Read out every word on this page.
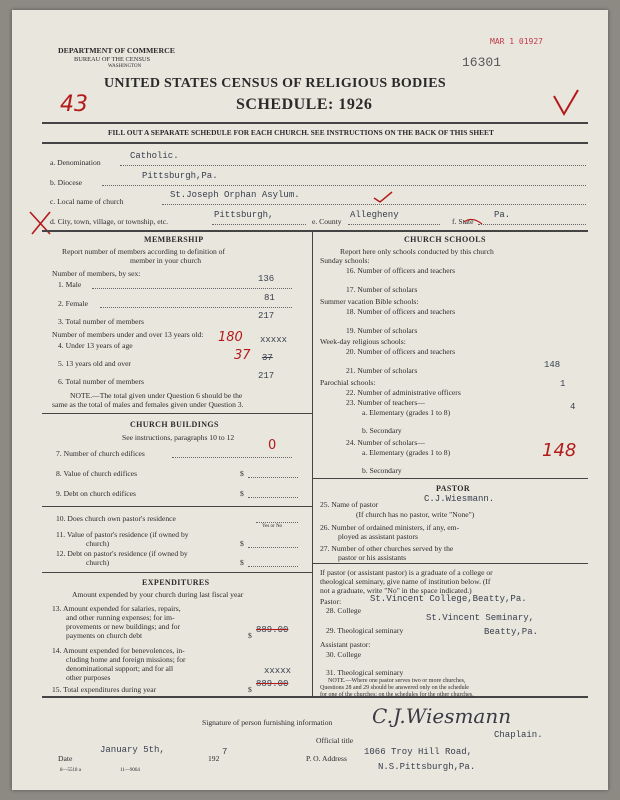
DEPARTMENT OF COMMERCE
BUREAU OF THE CENSUS
WASHINGTON	16301
MAR 1 01927
UNITED STATES CENSUS OF RELIGIOUS BODIES
SCHEDULE: 1926
43
FILL OUT A SEPARATE SCHEDULE FOR EACH CHURCH. SEE INSTRUCTIONS ON THE BACK OF THIS SHEET
a. Denomination
Catholic.
b. Diocese
Pittsburgh,Pa.
c. Local name of church
St.Joseph Orphan Asylum.
d. City, town, village, or township, etc.
Pittsburgh,
e. County
Allegheny
f. State
Pa.
MEMBERSHIP
Report number of members according to definition of
member in your church
Number of members, by sex:
1. Male
136
2. Female
81
3. Total number of members
217
Number of members under and over 13 years old:
4. Under 13 years of age
xxxxx
180
5. 13 years old and over
37
37
6. Total number of members
217
NOTE.—The total given under Question 6 should be the
same as the total of males and females given under Question 3.
CHURCH BUILDINGS
See instructions, paragraphs 10 to 12
7. Number of church edifices
0
8. Value of church edifices	$
9. Debt on church edifices	$
10. Does church own pastor's residence
Yes or No
11. Value of pastor's residence (if owned by
church)	$
12. Debt on pastor's residence (if owned by
church)	$
EXPENDITURES
Amount expended by your church during last fiscal year
13. Amount expended for salaries, repairs,
and other running expenses; for im-
provements or new buildings; and for
payments on church debt	$
889.00
14. Amount expended for benevolences, in-
cluding home and foreign missions; for
denominational support; and for all
other purposes
xxxxx
15. Total expenditures during year	$
889.00
CHURCH SCHOOLS
Report here only schools conducted by this church
Sunday schools:
16. Number of officers and teachers
17. Number of scholars
Summer vacation Bible schools:
18. Number of officers and teachers
19. Number of scholars
Week-day religious schools:
20. Number of officers and teachers
21. Number of scholars
148
Parochial schools:
22. Number of administrative officers
1
23. Number of teachers—
a. Elementary (grades 1 to 8)
4
b. Secondary
24. Number of scholars—
a. Elementary (grades 1 to 8)
b. Secondary
148
PASTOR
25. Name of pastor
C.J.Wiesmann.
(If church has no pastor, write "None")
26. Number of ordained ministers, if any, em-
ployed as assistant pastors
27. Number of other churches served by the
pastor or his assistants
If pastor (or assistant pastor) is a graduate of a college or
theological seminary, give name of institution below. (If
not a graduate, write "No" in the space indicated.)
Pastor:
28. College
St.Vincent College,Beatty,Pa.
29. Theological seminary
St.Vincent Seminary,
Beatty,Pa.
Assistant pastor:
30. College
31. Theological seminary
NOTE.—Where one pastor serves two or more churches,
Questions 28 and 29 should be answered only on the schedule
for one of the churches; on the schedules for the other churches,
Signature of person furnishing information C.J.Wiesmann
Official title
Chaplain.
Date
January 5th,
192
7
P. O. Address
1066 Troy Hill Road,
N.S.Pittsburgh,Pa.
8—5518 a	11—9064
